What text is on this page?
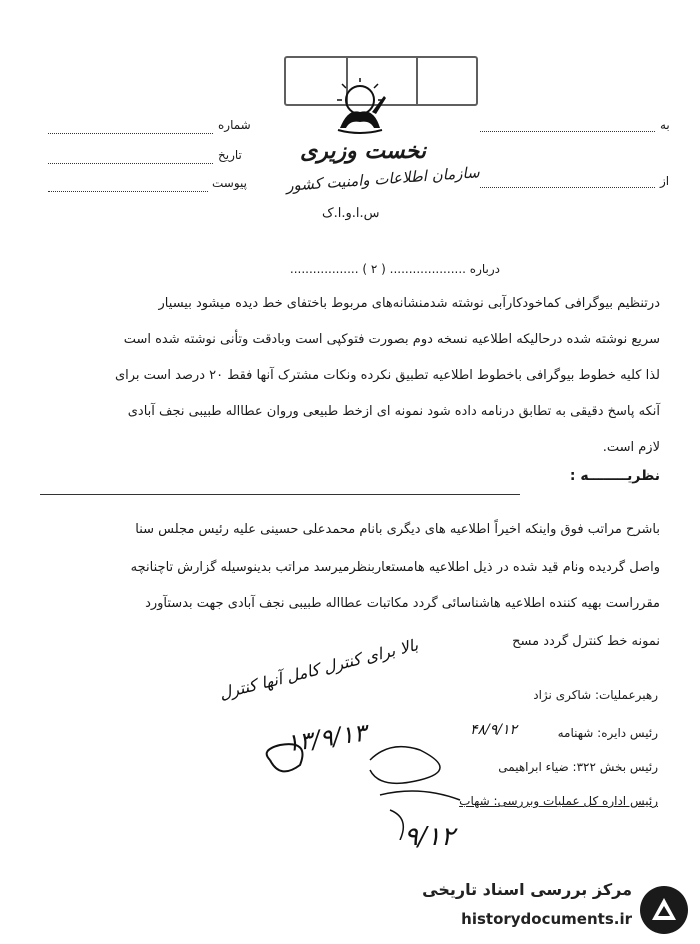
نخست وزیری
سازمان اطلاعات وامنیت کشور
س.ا.و.ا.ک
شماره
تاریخ
پیوست
به
از
درباره .................... ( ۲ ) ..................
درتنظیم بیوگرافی کماخودکارآبی نوشته شدمنشانه‌های مربوط باختفای خط دیده میشود بیسیار
سریع نوشته شده درحالیکه اطلاعیه نسخه دوم بصورت فتوکپی است وبادقت وتأنی نوشته شده است
لذا کلیه خطوط بیوگرافی باخطوط اطلاعیه تطبیق نکرده ونکات مشترک آنها فقط ۲۰ درصد است برای
آنکه پاسخ دقیقی به تطابق درنامه داده شود نمونه ای ازخط طبیعی وروان عطااله طبیبی نجف آبادی
لازم است.
نظریــــــــه :
باشرح مراتب فوق واینکه اخیراً اطلاعیه های دیگری بانام محمدعلی حسینی علیه رئیس مجلس سنا
واصل گردیده ونام قید شده در ذیل اطلاعیه هامستعاربنظرمیرسد مراتب بدینوسیله گزارش تاچنانچه
مقرراست بهیه کننده اطلاعیه هاشناسائی گردد مکاتبات عطااله طبیبی نجف آبادی جهت بدستآورد
نمونه خط کنترل گردد مسح
رهبرعملیات: شاکری نژاد
رئیس دایره: شهنامه
رئیس بخش ۳۲۲: ضیاء ابراهیمی
رئیس اداره کل عملیات وبررسی: شهاب
بالا برای کنترل کامل آنها کنترل
۱۳/۹/۱۳	۴۸/۹/۱۲
۹/۱۲
مرکز بررسی اسناد تاریخی
historydocuments.ir
